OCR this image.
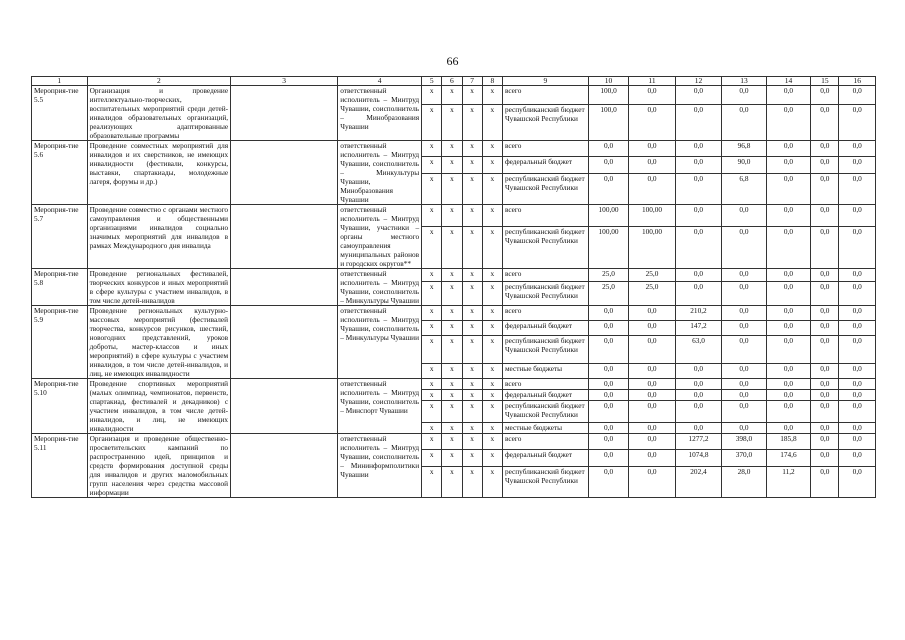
66
1	2	3	4	5	6	7	8	9	10	11	12	13	14	15	16
Мероприя-тие 5.5	Организация и проведение интеллектуально-творческих, воспитательных мероприятий среди детей-инвалидов образовательных организаций, реализующих адаптированные образовательные программы		ответственный исполнитель – Минтруд Чувашии, соисполнитель – Минобразования Чувашии	x	x	x	x	всего	100,0	0,0	0,0	0,0	0,0	0,0	0,0
				x	x	x	x	республиканский бюджет Чувашской Республики	100,0	0,0	0,0	0,0	0,0	0,0	0,0
Мероприя-тие 5.6	Проведение совместных мероприятий для инвалидов и их сверстников, не имеющих инвалидности (фестивали, конкурсы, выставки, спартакиады, молодежные лагеря, форумы и др.)		ответственный исполнитель – Минтруд Чувашии, соисполнитель – Минкультуры Чувашии, Минобразования Чувашии	x	x	x	x	всего	0,0	0,0	0,0	96,8	0,0	0,0	0,0
				x	x	x	x	федеральный бюджет	0,0	0,0	0,0	90,0	0,0	0,0	0,0
				x	x	x	x	республиканский бюджет Чувашской Республики	0,0	0,0	0,0	6,8	0,0	0,0	0,0
Мероприя-тие 5.7	Проведение совместно с органами местного самоуправления и общественными организациями инвалидов социально значимых мероприятий для инвалидов в рамках Международного дня инвалида		ответственный исполнитель – Минтруд Чувашии, участники – органы местного самоуправления муниципальных районов и городских округов**	x	x	x	x	всего	100,00	100,00	0,0	0,0	0,0	0,0	0,0
				x	x	x	x	республиканский бюджет Чувашской Республики	100,00	100,00	0,0	0,0	0,0	0,0	0,0
Мероприя-тие 5.8	Проведение региональных фестивалей, творческих конкурсов и иных мероприятий в сфере культуры с участием инвалидов, в том числе детей-инвалидов		ответственный исполнитель – Минтруд Чувашии, соисполнитель – Минкультуры Чувашии	x	x	x	x	всего	25,0	25,0	0,0	0,0	0,0	0,0	0,0
				x	x	x	x	республиканский бюджет Чувашской Республики	25,0	25,0	0,0	0,0	0,0	0,0	0,0
Мероприя-тие 5.9	Проведение региональных культурно-массовых мероприятий (фестивалей творчества, конкурсов рисунков, шествий, новогодних представлений, уроков доброты, мастер-классов и иных мероприятий) в сфере культуры с участием инвалидов, в том числе детей-инвалидов, и лиц, не имеющих инвалидности		ответственный исполнитель – Минтруд Чувашии, соисполнитель – Минкультуры Чувашии	x	x	x	x	всего	0,0	0,0	210,2	0,0	0,0	0,0	0,0
				x	x	x	x	федеральный бюджет	0,0	0,0	147,2	0,0	0,0	0,0	0,0
				x	x	x	x	республиканский бюджет Чувашской Республики	0,0	0,0	63,0	0,0	0,0	0,0	0,0
				x	x	x	x	местные бюджеты	0,0	0,0	0,0	0,0	0,0	0,0	0,0
Мероприя-тие 5.10	Проведение спортивных мероприятий (малых олимпиад, чемпионатов, первенств, спартакиад, фестивалей и декадников) с участием инвалидов, в том числе детей-инвалидов, и лиц, не имеющих инвалидности		ответственный исполнитель – Минтруд Чувашии, соисполнитель – Минспорт Чувашии	x	x	x	x	всего	0,0	0,0	0,0	0,0	0,0	0,0	0,0
				x	x	x	x	федеральный бюджет	0,0	0,0	0,0	0,0	0,0	0,0	0,0
				x	x	x	x	республиканский бюджет Чувашской Республики	0,0	0,0	0,0	0,0	0,0	0,0	0,0
				x	x	x	x	местные бюджеты	0,0	0,0	0,0	0,0	0,0	0,0	0,0
Мероприя-тие 5.11	Организация и проведение общественно-просветительских кампаний по распространению идей, принципов и средств формирования доступной среды для инвалидов и других маломобильных групп населения через средства массовой информации		ответственный исполнитель – Минтруд Чувашии, соисполнитель – Мининформполитики Чувашии	x	x	x	x	всего	0,0	0,0	1277,2	398,0	185,8	0,0	0,0
				x	x	x	x	федеральный бюджет	0,0	0,0	1074,8	370,0	174,6	0,0	0,0
				x	x	x	x	республиканский бюджет Чувашской Республики	0,0	0,0	202,4	28,0	11,2	0,0	0,0
